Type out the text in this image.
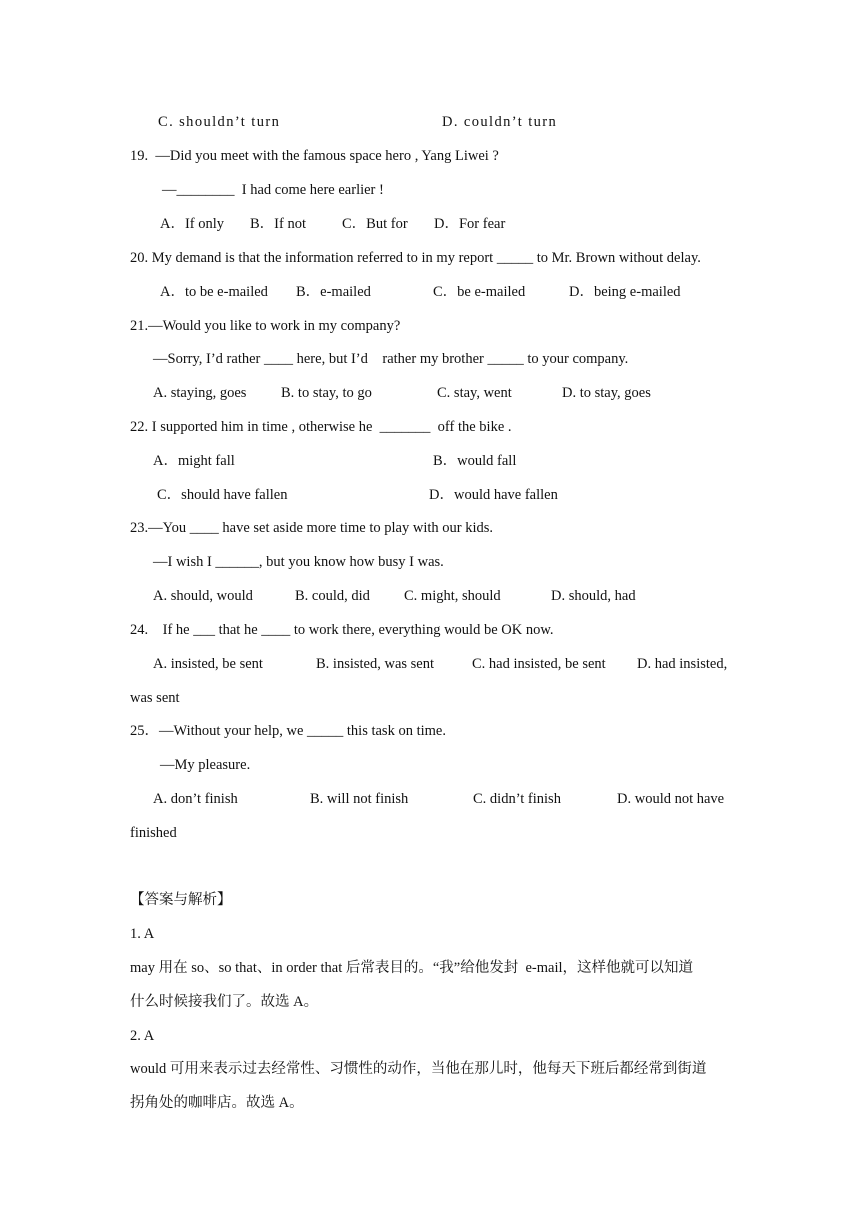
C. shouldn’t turn	D. couldn’t turn
19.  —Did you meet with the famous space hero , Yang Liwei ?
—________  I had come here earlier !
A．If only B．If not C．But for D．For fear
20. My demand is that the information referred to in my report _____ to Mr. Brown without delay.
A．to be e-mailed B．e-mailed	C．be e-mailed	D．being e-mailed
21.—Would you like to work in my company?
—Sorry, I’d rather ____ here, but I’d    rather my brother _____ to your company.
A. staying, goes B. to stay, to go	C. stay, went	D. to stay, goes
22. I supported him in time , otherwise he  _______  off the bike .
A．might fall	B．would fall
C．should have fallen	D．would have fallen
23.—You ____ have set aside more time to play with our kids.
—I wish I ______, but you know how busy I was.
A. should, would	B. could, did C. might, should	D. should, had
24.    If he ___ that he ____ to work there, everything would be OK now.
A. insisted, be sent	B. insisted, was sent	C. had insisted, be sent D. had insisted,
was sent
25．—Without your help, we _____ this task on time.
—My pleasure.
A. don’t finish	B. will not finish	C. didn’t finish	D. would not have
finished
【答案与解析】
1. A
may 用在 so、so that、in order that 后常表目的。“我”给他发封  e-mail，这样他就可以知道
什么时候接我们了。故选 A。
2. A
would 可用来表示过去经常性、习惯性的动作，当他在那儿时，他每天下班后都经常到街道
拐角处的咖啡店。故选 A。
